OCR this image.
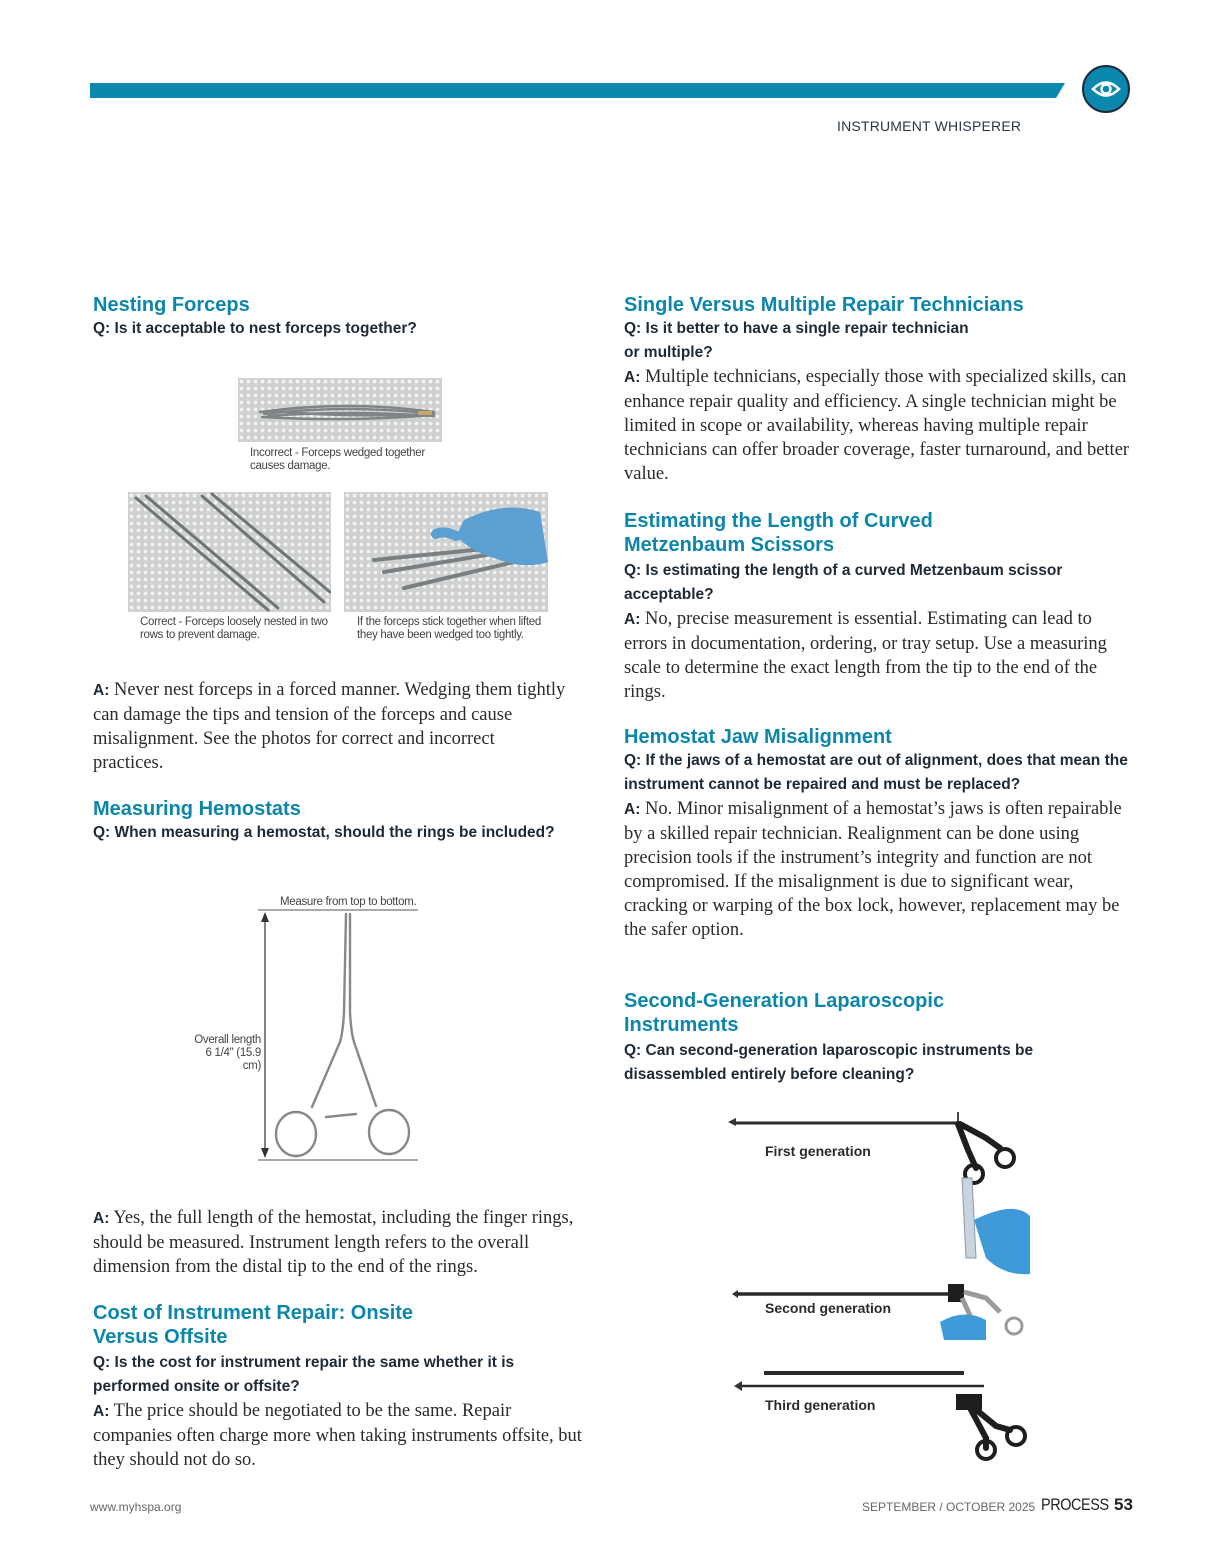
INSTRUMENT WHISPERER
Nesting Forceps

Q: Is it acceptable to nest forceps together?

Incorrect - Forceps wedged together
causes damage.
Correct - Forceps loosely nested in two
rows to prevent damage.
If the forceps stick together when lifted
they have been wedged too tightly.

A: Never nest forceps in a forced manner. Wedging them tightly can damage the tips and tension of the forceps and cause misalignment. See the photos for correct and incorrect practices.

Measuring Hemostats

Q: When measuring a hemostat, should the rings be included?

Measure from top to bottom.
Overall length
6 1/4" (15.9 cm)

A: Yes, the full length of the hemostat, including the finger rings, should be measured. Instrument length refers to the overall dimension from the distal tip to the end of the rings.

Cost of Instrument Repair: Onsite
Versus Offsite

Q: Is the cost for instrument repair the same whether it is performed onsite or offsite?

A: The price should be negotiated to be the same. Repair companies often charge more when taking instruments offsite, but they should not do so.

Single Versus Multiple Repair Technicians

Q: Is it better to have a single repair technician

or multiple?

A: Multiple technicians, especially those with specialized skills, can enhance repair quality and efficiency. A single technician might be limited in scope or availability, whereas having multiple repair technicians can offer broader coverage, faster turnaround, and better value.

Estimating the Length of Curved
Metzenbaum Scissors

Q: Is estimating the length of a curved Metzenbaum scissor acceptable?

A: No, precise measurement is essential. Estimating can lead to errors in documentation, ordering, or tray setup. Use a measuring scale to determine the exact length from the tip to the end of the rings.

Hemostat Jaw Misalignment

Q: If the jaws of a hemostat are out of alignment, does that mean the instrument cannot be repaired and must be replaced?

A: No. Minor misalignment of a hemostat’s jaws is often repairable by a skilled repair technician. Realignment can be done using precision tools if the instrument’s integrity and function are not compromised. If the misalignment is due to significant wear, cracking or warping of the box lock, however, replacement may be the safer option.

Second-Generation Laparoscopic
Instruments

Q: Can second-generation laparoscopic instruments be disassembled entirely before cleaning?

First generation
Second generation
Third generation
www.myhspa.org	SEPTEMBER / OCTOBER 2025 PROCESS 53
